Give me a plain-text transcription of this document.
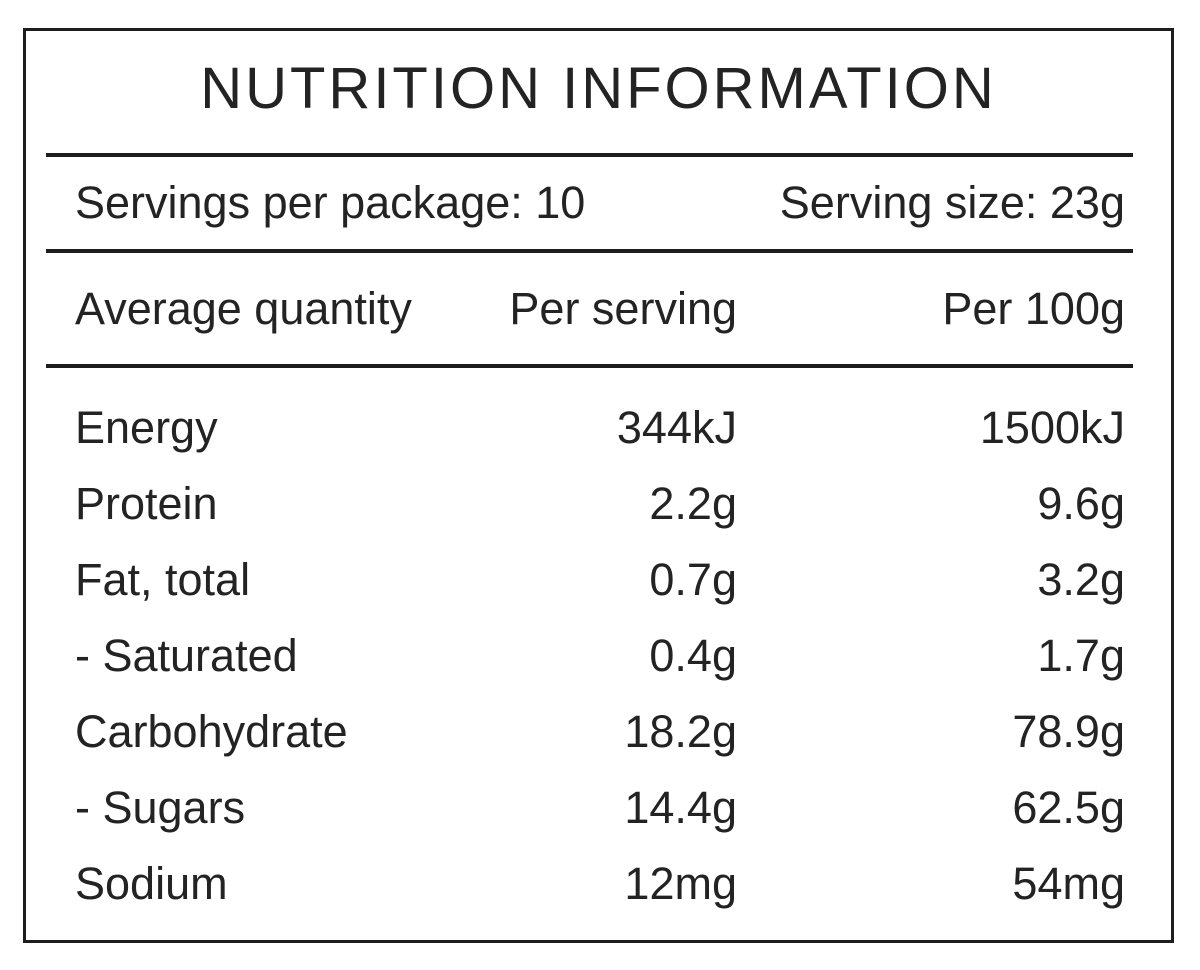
NUTRITION INFORMATION
Servings per package: 10	Serving size: 23g
Average quantity	Per serving	Per 100g
Energy	344kJ	1500kJ
Protein	2.2g	9.6g
Fat, total	0.7g	3.2g
- Saturated	0.4g	1.7g
Carbohydrate	18.2g	78.9g
- Sugars	14.4g	62.5g
Sodium	12mg	54mg
